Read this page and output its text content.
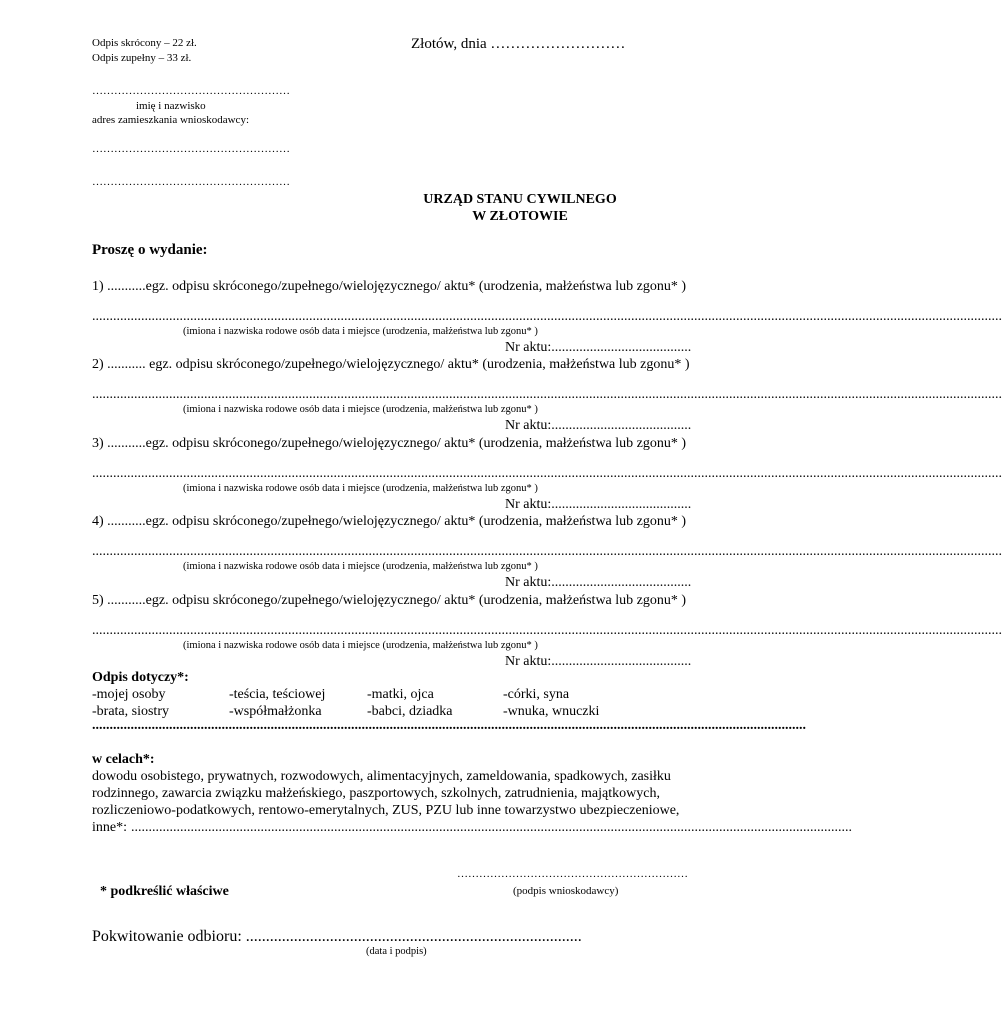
Odpis skrócony – 22 zł.
Odpis zupełny – 33 zł.
Złotów, dnia ………………………
………………………………………………
imię i nazwisko
adres zamieszkania wnioskodawcy:
………………………………………………
………………………………………………
URZĄD STANU CYWILNEGO
W ZŁOTOWIE
Proszę o wydanie:
1) ...........egz. odpisu skróconego/zupełnego/wielojęzycznego/ aktu* (urodzenia, małżeństwa lub zgonu* )
....................................................................................................................................................................................................................................................................
(imiona i nazwiska rodowe osób data i miejsce (urodzenia, małżeństwa lub zgonu* )
Nr aktu:........................................
2) ........... egz. odpisu skróconego/zupełnego/wielojęzycznego/ aktu* (urodzenia, małżeństwa lub zgonu* )
....................................................................................................................................................................................................................................................................
(imiona i nazwiska rodowe osób data i miejsce (urodzenia, małżeństwa lub zgonu* )
Nr aktu:........................................
3) ...........egz. odpisu skróconego/zupełnego/wielojęzycznego/ aktu* (urodzenia, małżeństwa lub zgonu* )
....................................................................................................................................................................................................................................................................
(imiona i nazwiska rodowe osób data i miejsce (urodzenia, małżeństwa lub zgonu* )
Nr aktu:........................................
4) ...........egz. odpisu skróconego/zupełnego/wielojęzycznego/ aktu* (urodzenia, małżeństwa lub zgonu* )
....................................................................................................................................................................................................................................................................
(imiona i nazwiska rodowe osób data i miejsce (urodzenia, małżeństwa lub zgonu* )
Nr aktu:........................................
5) ...........egz. odpisu skróconego/zupełnego/wielojęzycznego/ aktu* (urodzenia, małżeństwa lub zgonu* )
....................................................................................................................................................................................................................................................................
(imiona i nazwiska rodowe osób data i miejsce (urodzenia, małżeństwa lub zgonu* )
Nr aktu:........................................
Odpis dotyczy*:
-mojej osoby	-teścia, teściowej	-matki, ojca	-córki, syna
-brata, siostry	-współmałżonka	-babci, dziadka	-wnuka, wnuczki
............................................................................................................................................................................................................
w celach*:
dowodu osobistego, prywatnych, rozwodowych, alimentacyjnych, zameldowania, spadkowych, zasiłku
rodzinnego, zawarcia związku małżeńskiego, paszportowych, szkolnych, zatrudnienia, majątkowych,
rozliczeniowo-podatkowych, rentowo-emerytalnych, ZUS, PZU lub inne towarzystwo ubezpieczeniowe,
inne*: ..............................................................................................................................................................................................................
………………………………………………………
* podkreślić właściwe	(podpis wnioskodawcy)
Pokwitowanie odbioru: ....................................................................................
(data i podpis)
